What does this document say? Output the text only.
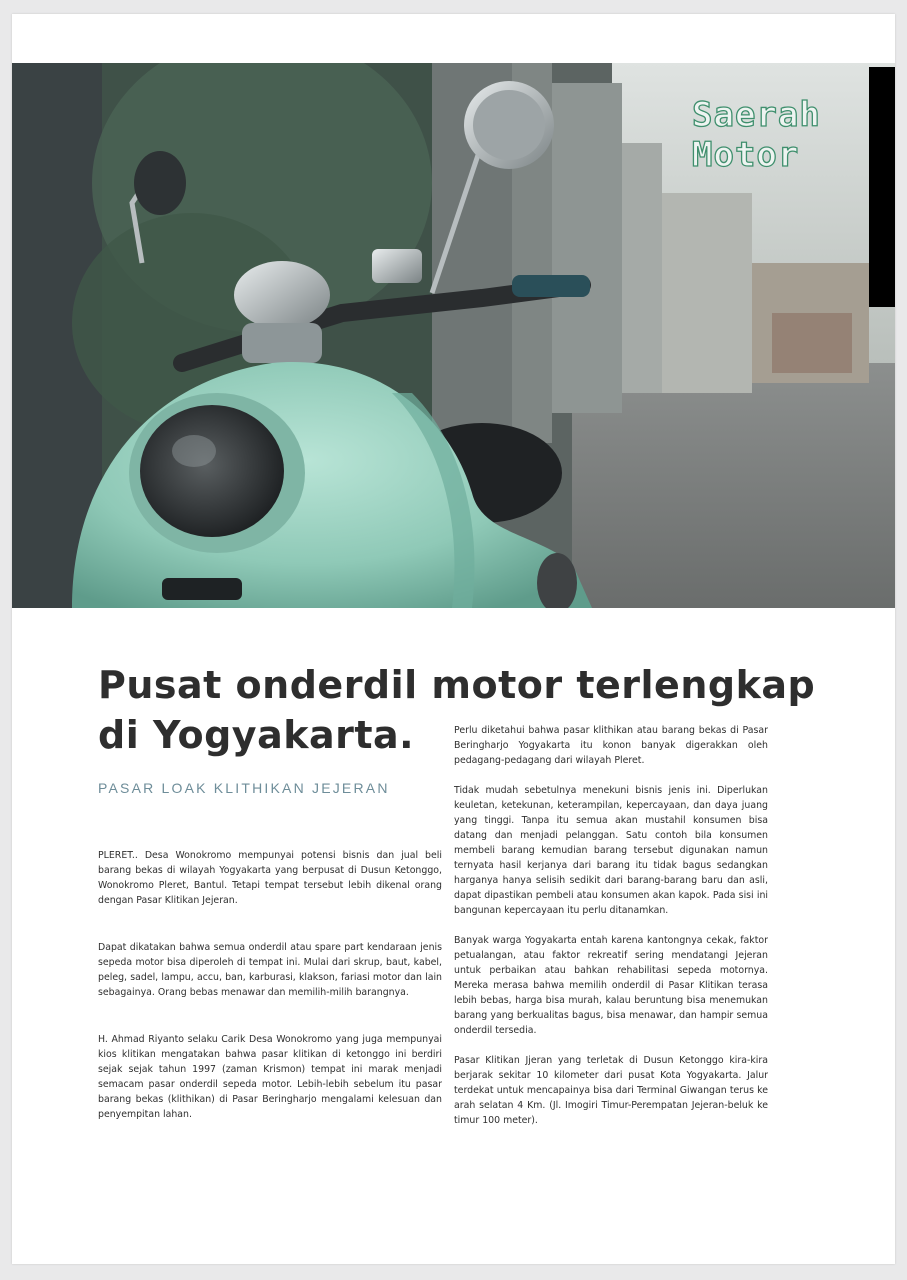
Saerah
Motor
Pusat onderdil motor terlengkap di Yogyakarta.
PASAR LOAK KLITHIKAN JEJERAN

PLERET.. Desa Wonokromo mempunyai potensi bisnis dan jual beli barang bekas di wilayah Yogyakarta yang berpusat di Dusun Ketonggo, Wonokromo Pleret, Bantul. Tetapi tempat tersebut lebih dikenal orang dengan Pasar Klitikan Jejeran.

Dapat dikatakan bahwa semua onderdil atau spare part kendaraan jenis sepeda motor bisa diperoleh di tempat ini. Mulai dari skrup, baut, kabel, peleg, sadel, lampu, accu, ban, karburasi, klakson, fariasi motor dan lain sebagainya. Orang bebas menawar dan memilih-milih barangnya.

H. Ahmad Riyanto selaku Carik Desa Wonokromo yang juga mempunyai kios klitikan mengatakan bahwa pasar klitikan di ketonggo ini berdiri sejak sejak tahun 1997 (zaman Krismon) tempat ini marak menjadi semacam pasar onderdil sepeda motor. Lebih-lebih sebelum itu pasar barang bekas (klithikan) di Pasar Beringharjo mengalami kelesuan dan penyempitan lahan.

Perlu diketahui bahwa pasar klithikan atau barang bekas di Pasar Beringharjo Yogyakarta itu konon banyak digerakkan oleh pedagang-pedagang dari wilayah Pleret.

Tidak mudah sebetulnya menekuni bisnis jenis ini. Diperlukan keuletan, ketekunan, keterampilan, kepercayaan, dan daya juang yang tinggi. Tanpa itu semua akan mustahil konsumen bisa datang dan menjadi pelanggan. Satu contoh bila konsumen membeli barang kemudian barang tersebut digunakan namun ternyata hasil kerjanya dari barang itu tidak bagus sedangkan harganya hanya selisih sedikit dari barang-barang baru dan asli, dapat dipastikan pembeli atau konsumen akan kapok. Pada sisi ini bangunan kepercayaan itu perlu ditanamkan.

Banyak warga Yogyakarta entah karena kantongnya cekak, faktor petualangan, atau faktor rekreatif sering mendatangi Jejeran untuk perbaikan atau bahkan rehabilitasi sepeda motornya. Mereka merasa bahwa memilih onderdil di Pasar Klitikan terasa lebih bebas, harga bisa murah, kalau beruntung bisa menemukan barang yang berkualitas bagus, bisa menawar, dan hampir semua onderdil tersedia.

Pasar Klitikan Jjeran yang terletak di Dusun Ketonggo kira-kira berjarak sekitar 10 kilometer dari pusat Kota Yogyakarta. Jalur terdekat untuk mencapainya bisa dari Terminal Giwangan terus ke arah selatan 4 Km. (Jl. Imogiri Timur-Perempatan Jejeran-beluk ke timur 100 meter).
